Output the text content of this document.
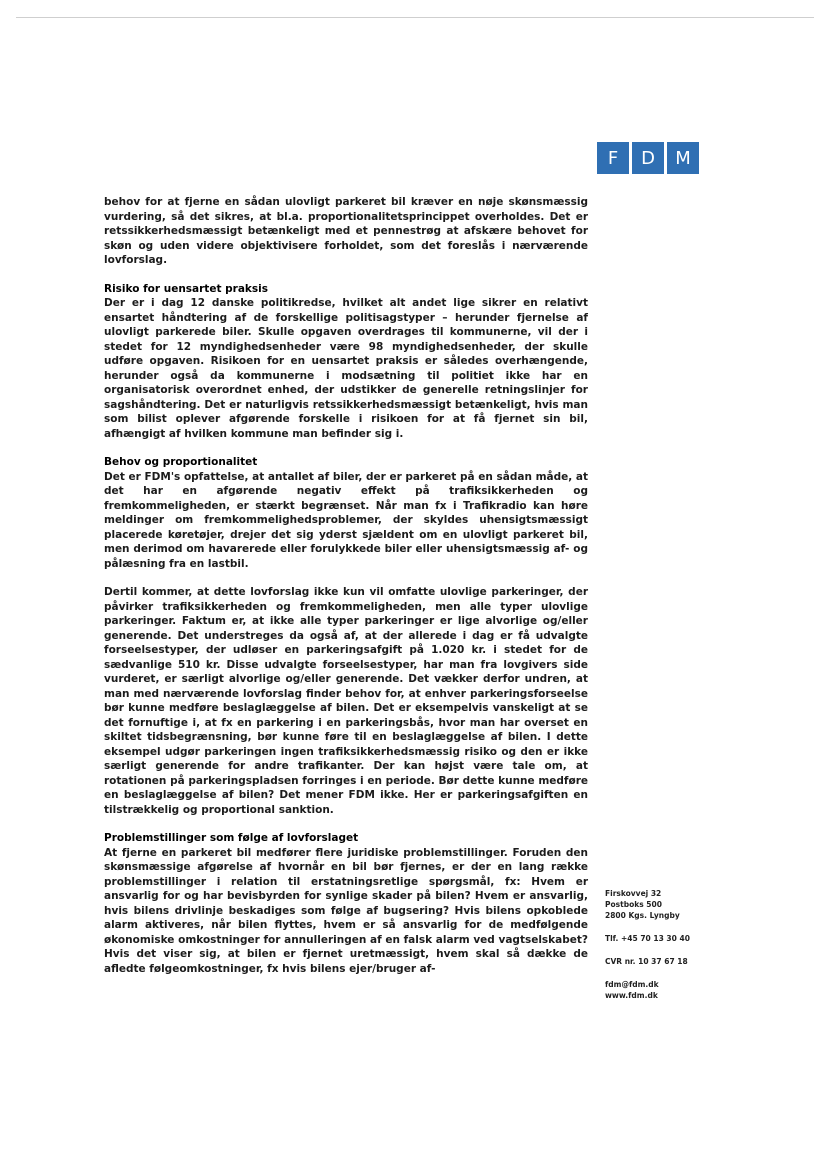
F	D	M

behov for at fjerne en sådan ulovligt parkeret bil kræver en nøje skønsmæssig vurdering, så det sikres, at bl.a. proportionalitetsprincippet overholdes. Det er retssikkerhedsmæssigt betænkeligt med et pennestrøg at afskære behovet for skøn og uden videre objektivisere forholdet, som det foreslås i nærværende lovforslag.

Risiko for uensartet praksis

Der er i dag 12 danske politikredse, hvilket alt andet lige sikrer en relativt ensartet håndtering af de forskellige politisagstyper – herunder fjernelse af ulovligt parkerede biler. Skulle opgaven overdrages til kommunerne, vil der i stedet for 12 myndighedsenheder være 98 myndighedsenheder, der skulle udføre opgaven. Risikoen for en uensartet praksis er således overhængende, herunder også da kommunerne i modsætning til politiet ikke har en organisatorisk overordnet enhed, der udstikker de generelle retningslinjer for sagshåndtering. Det er naturligvis retssikkerhedsmæssigt betænkeligt, hvis man som bilist oplever afgørende forskelle i risikoen for at få fjernet sin bil, afhængigt af hvilken kommune man befinder sig i.

Behov og proportionalitet

Det er FDM's opfattelse, at antallet af biler, der er parkeret på en sådan måde, at det har en afgørende negativ effekt på trafiksikkerheden og fremkommeligheden, er stærkt begrænset. Når man fx i Trafikradio kan høre meldinger om fremkommelighedsproblemer, der skyldes uhensigtsmæssigt placerede køretøjer, drejer det sig yderst sjældent om en ulovligt parkeret bil, men derimod om havarerede eller forulykkede biler eller uhensigtsmæssig af- og pålæsning fra en lastbil.

Dertil kommer, at dette lovforslag ikke kun vil omfatte ulovlige parkeringer, der påvirker trafiksikkerheden og fremkommeligheden, men alle typer ulovlige parkeringer. Faktum er, at ikke alle typer parkeringer er lige alvorlige og/eller generende. Det understreges da også af, at der allerede i dag er få udvalgte forseelsestyper, der udløser en parkeringsafgift på 1.020 kr. i stedet for de sædvanlige 510 kr. Disse udvalgte forseelsestyper, har man fra lovgivers side vurderet, er særligt alvorlige og/eller generende. Det vækker derfor undren, at man med nærværende lovforslag finder behov for, at enhver parkeringsforseelse bør kunne medføre beslaglæggelse af bilen. Det er eksempelvis vanskeligt at se det fornuftige i, at fx en parkering i en parkeringsbås, hvor man har overset en skiltet tidsbegrænsning, bør kunne føre til en beslaglæggelse af bilen. I dette eksempel udgør parkeringen ingen trafiksikkerhedsmæssig risiko og den er ikke særligt generende for andre trafikanter. Der kan højst være tale om, at rotationen på parkeringspladsen forringes i en periode. Bør dette kunne medføre en beslaglæggelse af bilen? Det mener FDM ikke. Her er parkeringsafgiften en tilstrækkelig og proportional sanktion.

Problemstillinger som følge af lovforslaget

At fjerne en parkeret bil medfører flere juridiske problemstillinger. Foruden den skønsmæssige afgørelse af hvornår en bil bør fjernes, er der en lang række problemstillinger i relation til erstatningsretlige spørgsmål, fx: Hvem er ansvarlig for og har bevisbyrden for synlige skader på bilen? Hvem er ansvarlig, hvis bilens drivlinje beskadiges som følge af bugsering? Hvis bilens opkoblede alarm aktiveres, når bilen flyttes, hvem er så ansvarlig for de medfølgende økonomiske omkostninger for annulleringen af en falsk alarm ved vagtselskabet? Hvis det viser sig, at bilen er fjernet uretmæssigt, hvem skal så dække de afledte følgeomkostninger, fx hvis bilens ejer/bruger af-

Firskovvej 32
Postboks 500
2800 Kgs. Lyngby
Tlf. +45 70 13 30 40
CVR nr. 10 37 67 18
fdm@fdm.dk
www.fdm.dk
